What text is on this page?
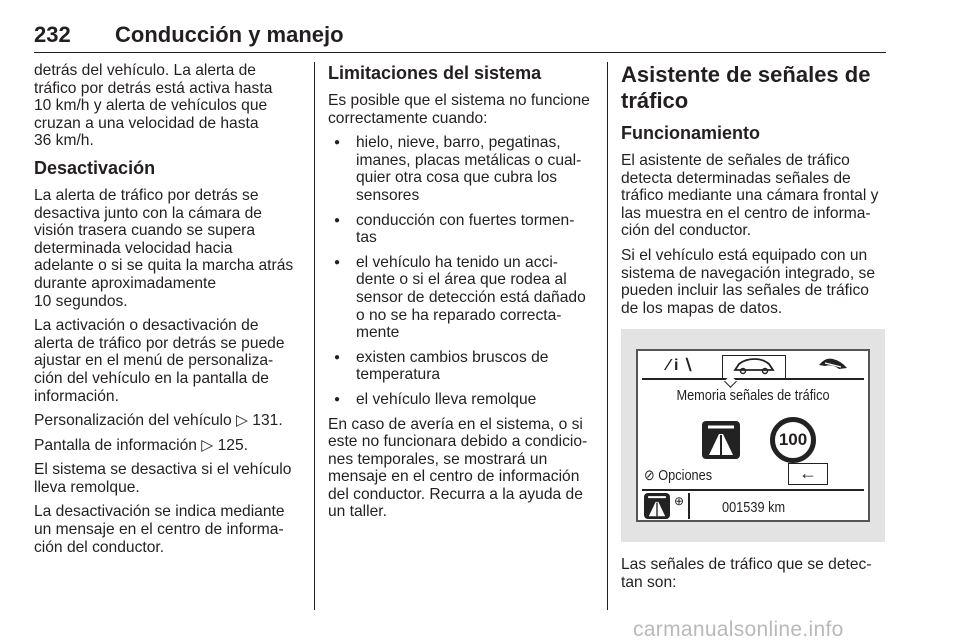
232 Conducción y manejo

detrás del vehículo. La alerta de
tráfico por detrás está activa hasta
10 km/h y alerta de vehículos que
cruzan a una velocidad de hasta
36 km/h.

Desactivación

La alerta de tráfico por detrás se
desactiva junto con la cámara de
visión trasera cuando se supera
determinada velocidad hacia
adelante o si se quita la marcha atrás
durante aproximadamente
10 segundos.

La activación o desactivación de
alerta de tráfico por detrás se puede
ajustar en el menú de personaliza-
ción del vehículo en la pantalla de
información.

Personalización del vehículo ▷ 131.

Pantalla de información ▷ 125.

El sistema se desactiva si el vehículo
lleva remolque.

La desactivación se indica mediante
un mensaje en el centro de informa-
ción del conductor.

Limitaciones del sistema

Es posible que el sistema no funcione
correctamente cuando:

● hielo, nieve, barro, pegatinas,
imanes, placas metálicas o cual-
quier otra cosa que cubra los
sensores
● conducción con fuertes tormen-
tas
● el vehículo ha tenido un acci-
dente o si el área que rodea al
sensor de detección está dañado
o no se ha reparado correcta-
mente
● existen cambios bruscos de
temperatura
● el vehículo lleva remolque

En caso de avería en el sistema, o si
este no funcionara debido a condicio-
nes temporales, se mostrará un
mensaje en el centro de información
del conductor. Recurra a la ayuda de
un taller.

Asistente de señales de
tráfico
Funcionamiento

El asistente de señales de tráfico
detecta determinadas señales de
tráfico mediante una cámara frontal y
las muestra en el centro de informa-
ción del conductor.

Si el vehículo está equipado con un
sistema de navegación integrado, se
pueden incluir las señales de tráfico
de los mapas de datos.

∕ i ∖
Memoria señales de tráfico
100
⊘ Opciones	←
⊕	001539 km

Las señales de tráfico que se detec-
tan son:

carmanualsonline.info
